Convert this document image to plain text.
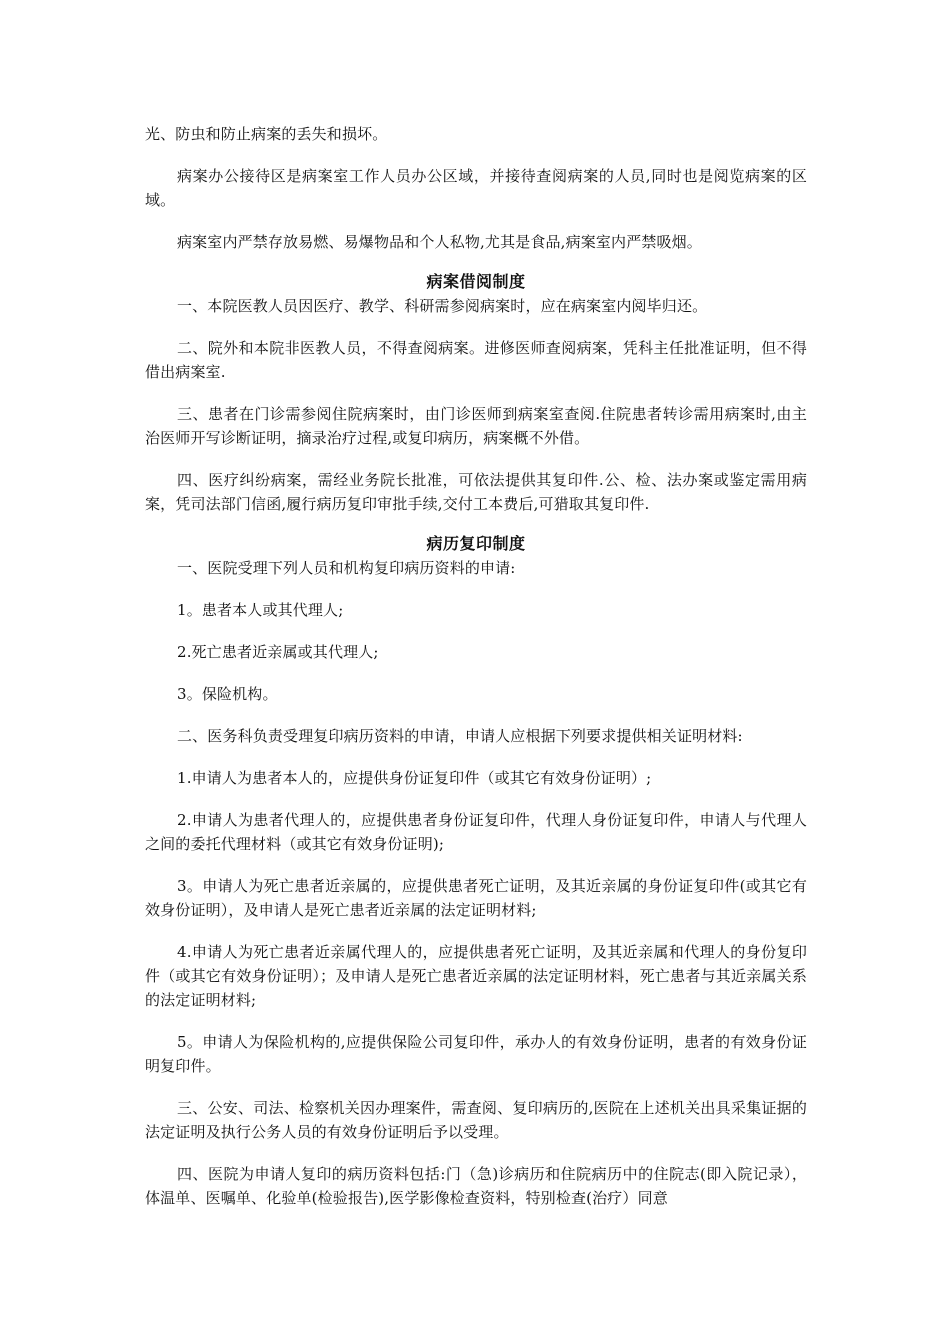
光、防虫和防止病案的丢失和损坏。

病案办公接待区是病案室工作人员办公区域，并接待查阅病案的人员,同时也是阅览病案的区域。

病案室内严禁存放易燃、易爆物品和个人私物,尤其是食品,病案室内严禁吸烟。

病案借阅制度

一、本院医教人员因医疗、教学、科研需参阅病案时，应在病案室内阅毕归还。

二、院外和本院非医教人员，不得查阅病案。进修医师查阅病案，凭科主任批准证明，但不得借出病案室.

三、患者在门诊需参阅住院病案时，由门诊医师到病案室查阅.住院患者转诊需用病案时,由主治医师开写诊断证明，摘录治疗过程,或复印病历，病案概不外借。

四、医疗纠纷病案，需经业务院长批准，可依法提供其复印件.公、检、法办案或鉴定需用病案，凭司法部门信函,履行病历复印审批手续,交付工本费后,可猎取其复印件.

病历复印制度

一、医院受理下列人员和机构复印病历资料的申请:

1。患者本人或其代理人;

2.死亡患者近亲属或其代理人;

3。保险机构。

二、医务科负责受理复印病历资料的申请，申请人应根据下列要求提供相关证明材料:

1.申请人为患者本人的，应提供身份证复印件（或其它有效身份证明）;

2.申请人为患者代理人的，应提供患者身份证复印件，代理人身份证复印件，申请人与代理人之间的委托代理材料（或其它有效身份证明);

3。申请人为死亡患者近亲属的，应提供患者死亡证明，及其近亲属的身份证复印件(或其它有效身份证明），及申请人是死亡患者近亲属的法定证明材料;

4.申请人为死亡患者近亲属代理人的，应提供患者死亡证明，及其近亲属和代理人的身份复印件（或其它有效身份证明）；及申请人是死亡患者近亲属的法定证明材料，死亡患者与其近亲属关系的法定证明材料;

5。申请人为保险机构的,应提供保险公司复印件，承办人的有效身份证明，患者的有效身份证明复印件。

三、公安、司法、检察机关因办理案件，需查阅、复印病历的,医院在上述机关出具采集证据的法定证明及执行公务人员的有效身份证明后予以受理。

四、医院为申请人复印的病历资料包括:门（急)诊病历和住院病历中的住院志(即入院记录），体温单、医嘱单、化验单(检验报告),医学影像检查资料，特别检查(治疗）同意
